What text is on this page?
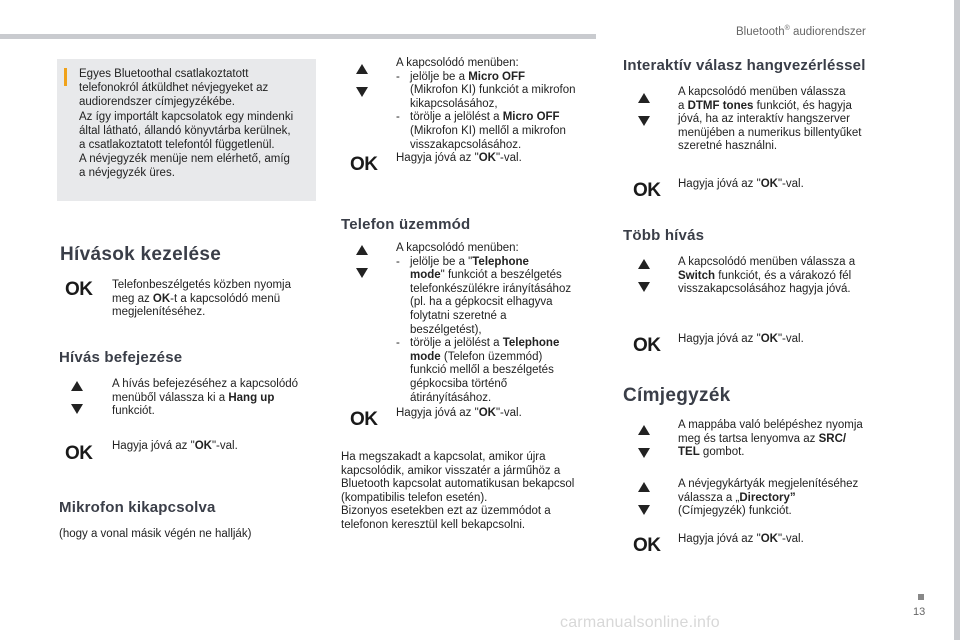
Bluetooth® audiorendszer
13
carmanualsonline.info
Egyes Bluetoothal csatlakoztatott
telefonokról átküldhet névjegyeket az
audiorendszer címjegyzékébe.
Az így importált kapcsolatok egy mindenki
által látható, állandó könyvtárba kerülnek,
a csatlakoztatott telefontól függetlenül.
A névjegyzék menüje nem elérhető, amíg
a névjegyzék üres.
Hívások kezelése
OK Telefonbeszélgetés közben nyomja
meg az OK-t a kapcsolódó menü
megjelenítéséhez.
Hívás befejezése
A hívás befejezéséhez a kapcsolódó
menüből válassza ki a Hang up
funkciót.
OK Hagyja jóvá az "OK"-val.
Mikrofon kikapcsolva
(hogy a vonal másik végén ne hallják)
A kapcsolódó menüben:
- jelölje be a Micro OFF
(Mikrofon KI) funkciót a mikrofon
kikapcsolásához,
- törölje a jelölést a Micro OFF
(Mikrofon KI) mellől a mikrofon
visszakapcsolásához.
OK Hagyja jóvá az "OK"-val.
Telefon üzemmód
A kapcsolódó menüben:
- jelölje be a "Telephone
mode" funkciót a beszélgetés
telefonkészülékre irányításához
(pl. ha a gépkocsit elhagyva
folytatni szeretné a
beszélgetést),
- törölje a jelölést a Telephone
mode (Telefon üzemmód)
funkció mellől a beszélgetés
gépkocsiba történő
átirányításához.
OK Hagyja jóvá az "OK"-val.
Ha megszakadt a kapcsolat, amikor újra
kapcsolódik, amikor visszatér a járműhöz a
Bluetooth kapcsolat automatikusan bekapcsol
(kompatibilis telefon esetén).
Bizonyos esetekben ezt az üzemmódot a
telefonon keresztül kell bekapcsolni.
Interaktív válasz hangvezérléssel
A kapcsolódó menüben válassza
a DTMF tones funkciót, és hagyja
jóvá, ha az interaktív hangszerver
menüjében a numerikus billentyűket
szeretné használni.
OK Hagyja jóvá az "OK"-val.
Több hívás
A kapcsolódó menüben válassza a
Switch funkciót, és a várakozó fél
visszakapcsolásához hagyja jóvá.
OK Hagyja jóvá az "OK"-val.
Címjegyzék
A mappába való belépéshez nyomja
meg és tartsa lenyomva az SRC/
TEL gombot.
A névjegykártyák megjelenítéséhez
válassza a „Directory”
(Címjegyzék) funkciót.
OK Hagyja jóvá az "OK"-val.
